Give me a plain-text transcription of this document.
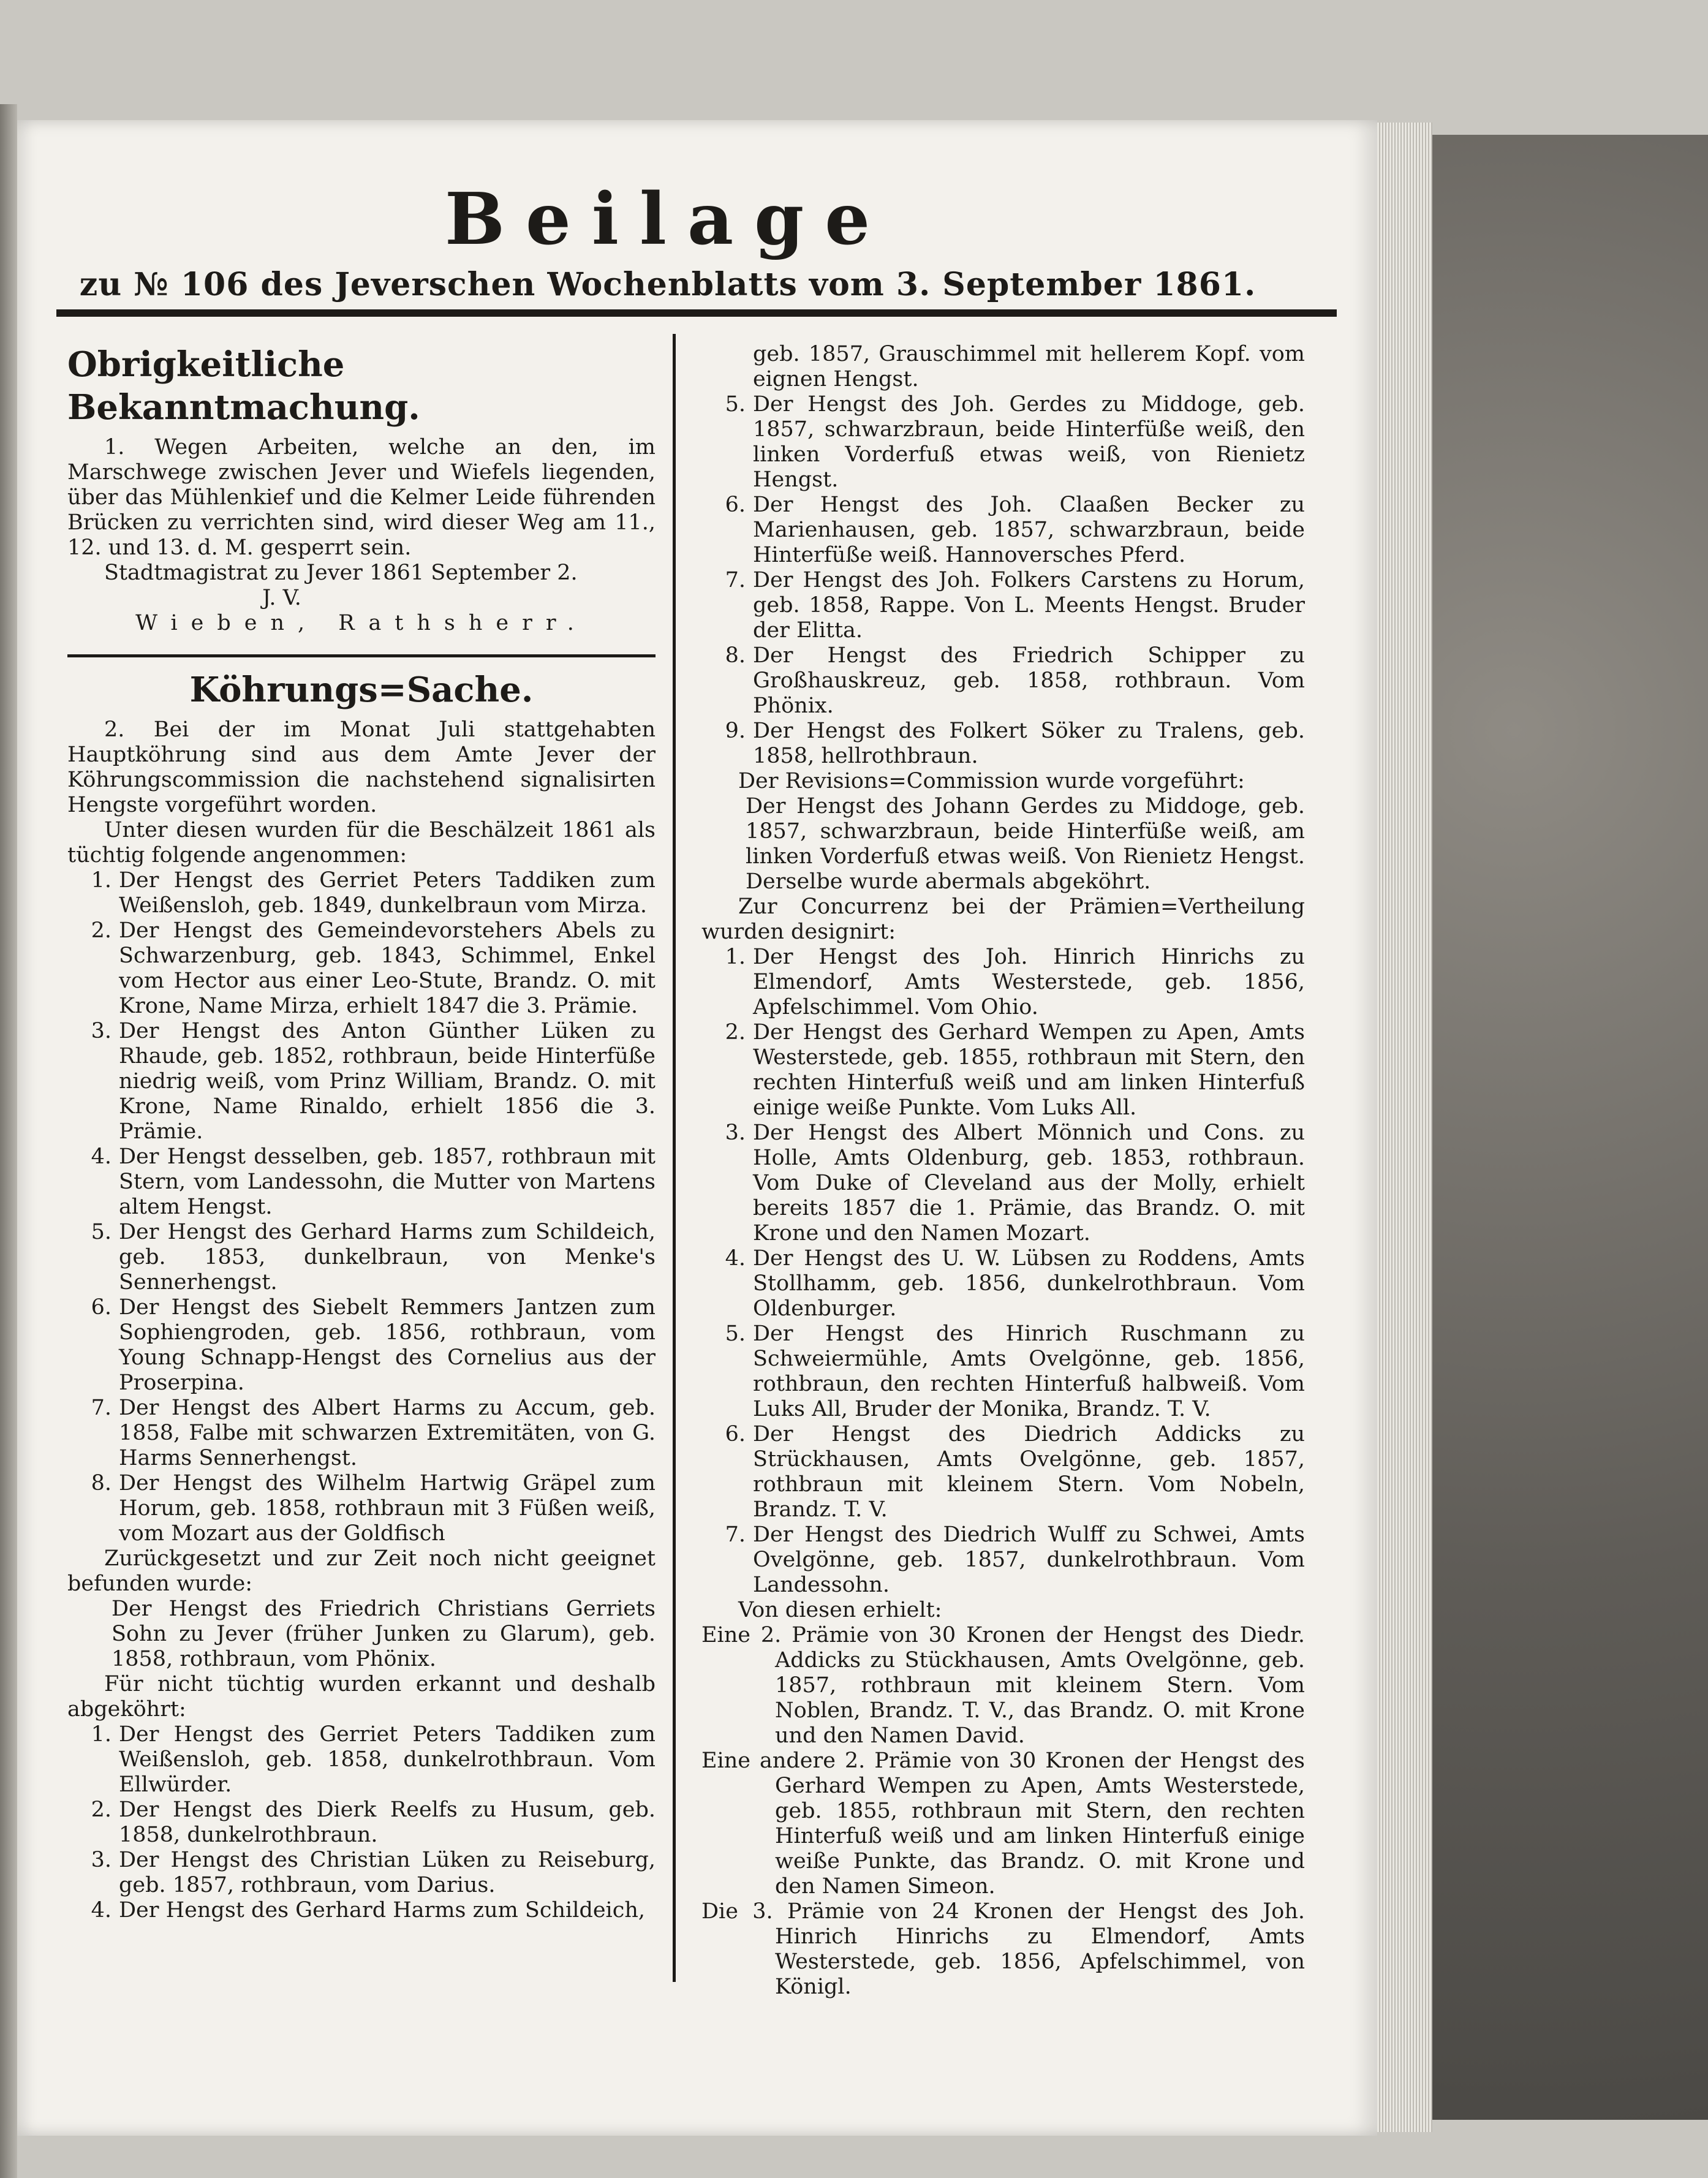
Beilage
zu № 106 des Jeverschen Wochenblatts vom 3. September 1861.
Obrigkeitliche Bekanntmachung.

1. Wegen Arbeiten, welche an den, im Marschwege zwischen Jever und Wiefels liegenden, über das Mühlenkief und die Kelmer Leide führenden Brücken zu verrichten sind, wird dieser Weg am 11., 12. und 13. d. M. gesperrt sein.

Stadtmagistrat zu Jever 1861 September 2.

J. V.

Wieben, Rathsherr.

Köhrungs=Sache.

2. Bei der im Monat Juli stattgehabten Hauptköhrung sind aus dem Amte Jever der Köhrungscommission die nachstehend signalisirten Hengste vorgeführt worden.

Unter diesen wurden für die Beschälzeit 1861 als tüchtig folgende angenommen:

1. Der Hengst des Gerriet Peters Taddiken zum Weißensloh, geb. 1849, dunkelbraun vom Mirza.
2. Der Hengst des Gemeindevorstehers Abels zu Schwarzenburg, geb. 1843, Schimmel, Enkel vom Hector aus einer Leo-Stute, Brandz. O. mit Krone, Name Mirza, erhielt 1847 die 3. Prämie.
3. Der Hengst des Anton Günther Lüken zu Rhaude, geb. 1852, rothbraun, beide Hinterfüße niedrig weiß, vom Prinz William, Brandz. O. mit Krone, Name Rinaldo, erhielt 1856 die 3. Prämie.
4. Der Hengst desselben, geb. 1857, rothbraun mit Stern, vom Landessohn, die Mutter von Martens altem Hengst.
5. Der Hengst des Gerhard Harms zum Schildeich, geb. 1853, dunkelbraun, von Menke's Sennerhengst.
6. Der Hengst des Siebelt Remmers Jantzen zum Sophiengroden, geb. 1856, rothbraun, vom Young Schnapp-Hengst des Cornelius aus der Proserpina.
7. Der Hengst des Albert Harms zu Accum, geb. 1858, Falbe mit schwarzen Extremitäten, von G. Harms Sennerhengst.
8. Der Hengst des Wilhelm Hartwig Gräpel zum Horum, geb. 1858, rothbraun mit 3 Füßen weiß, vom Mozart aus der Goldfisch

Zurückgesetzt und zur Zeit noch nicht geeignet befunden wurde:

Der Hengst des Friedrich Christians Gerriets Sohn zu Jever (früher Junken zu Glarum), geb. 1858, rothbraun, vom Phönix.

Für nicht tüchtig wurden erkannt und deshalb abgeköhrt:

1. Der Hengst des Gerriet Peters Taddiken zum Weißensloh, geb. 1858, dunkelrothbraun. Vom Ellwürder.
2. Der Hengst des Dierk Reelfs zu Husum, geb. 1858, dunkelrothbraun.
3. Der Hengst des Christian Lüken zu Reiseburg, geb. 1857, rothbraun, vom Darius.
4. Der Hengst des Gerhard Harms zum Schildeich,
geb. 1857, Grauschimmel mit hellerem Kopf. vom eignen Hengst.
5. Der Hengst des Joh. Gerdes zu Middoge, geb. 1857, schwarzbraun, beide Hinterfüße weiß, den linken Vorderfuß etwas weiß, von Rienietz Hengst.
6. Der Hengst des Joh. Claaßen Becker zu Marienhausen, geb. 1857, schwarzbraun, beide Hinterfüße weiß. Hannoversches Pferd.
7. Der Hengst des Joh. Folkers Carstens zu Horum, geb. 1858, Rappe. Von L. Meents Hengst. Bruder der Elitta.
8. Der Hengst des Friedrich Schipper zu Großhauskreuz, geb. 1858, rothbraun. Vom Phönix.
9. Der Hengst des Folkert Söker zu Tralens, geb. 1858, hellrothbraun.

Der Revisions=Commission wurde vorgeführt:

Der Hengst des Johann Gerdes zu Middoge, geb. 1857, schwarzbraun, beide Hinterfüße weiß, am linken Vorderfuß etwas weiß. Von Rienietz Hengst. Derselbe wurde abermals abgeköhrt.

Zur Concurrenz bei der Prämien=Vertheilung wurden designirt:

1. Der Hengst des Joh. Hinrich Hinrichs zu Elmendorf, Amts Westerstede, geb. 1856, Apfelschimmel. Vom Ohio.
2. Der Hengst des Gerhard Wempen zu Apen, Amts Westerstede, geb. 1855, rothbraun mit Stern, den rechten Hinterfuß weiß und am linken Hinterfuß einige weiße Punkte. Vom Luks All.
3. Der Hengst des Albert Mönnich und Cons. zu Holle, Amts Oldenburg, geb. 1853, rothbraun. Vom Duke of Cleveland aus der Molly, erhielt bereits 1857 die 1. Prämie, das Brandz. O. mit Krone und den Namen Mozart.
4. Der Hengst des U. W. Lübsen zu Roddens, Amts Stollhamm, geb. 1856, dunkelrothbraun. Vom Oldenburger.
5. Der Hengst des Hinrich Ruschmann zu Schweiermühle, Amts Ovelgönne, geb. 1856, rothbraun, den rechten Hinterfuß halbweiß. Vom Luks All, Bruder der Monika, Brandz. T. V.
6. Der Hengst des Diedrich Addicks zu Strückhausen, Amts Ovelgönne, geb. 1857, rothbraun mit kleinem Stern. Vom Nobeln, Brandz. T. V.
7. Der Hengst des Diedrich Wulff zu Schwei, Amts Ovelgönne, geb. 1857, dunkelrothbraun. Vom Landessohn.

Von diesen erhielt:

Eine 2. Prämie von 30 Kronen der Hengst des Diedr. Addicks zu Stückhausen, Amts Ovelgönne, geb. 1857, rothbraun mit kleinem Stern. Vom Noblen, Brandz. T. V., das Brandz. O. mit Krone und den Namen David.

Eine andere 2. Prämie von 30 Kronen der Hengst des Gerhard Wempen zu Apen, Amts Westerstede, geb. 1855, rothbraun mit Stern, den rechten Hinterfuß weiß und am linken Hinterfuß einige weiße Punkte, das Brandz. O. mit Krone und den Namen Simeon.

Die 3. Prämie von 24 Kronen der Hengst des Joh. Hinrich Hinrichs zu Elmendorf, Amts Westerstede, geb. 1856, Apfelschimmel, von Königl.
